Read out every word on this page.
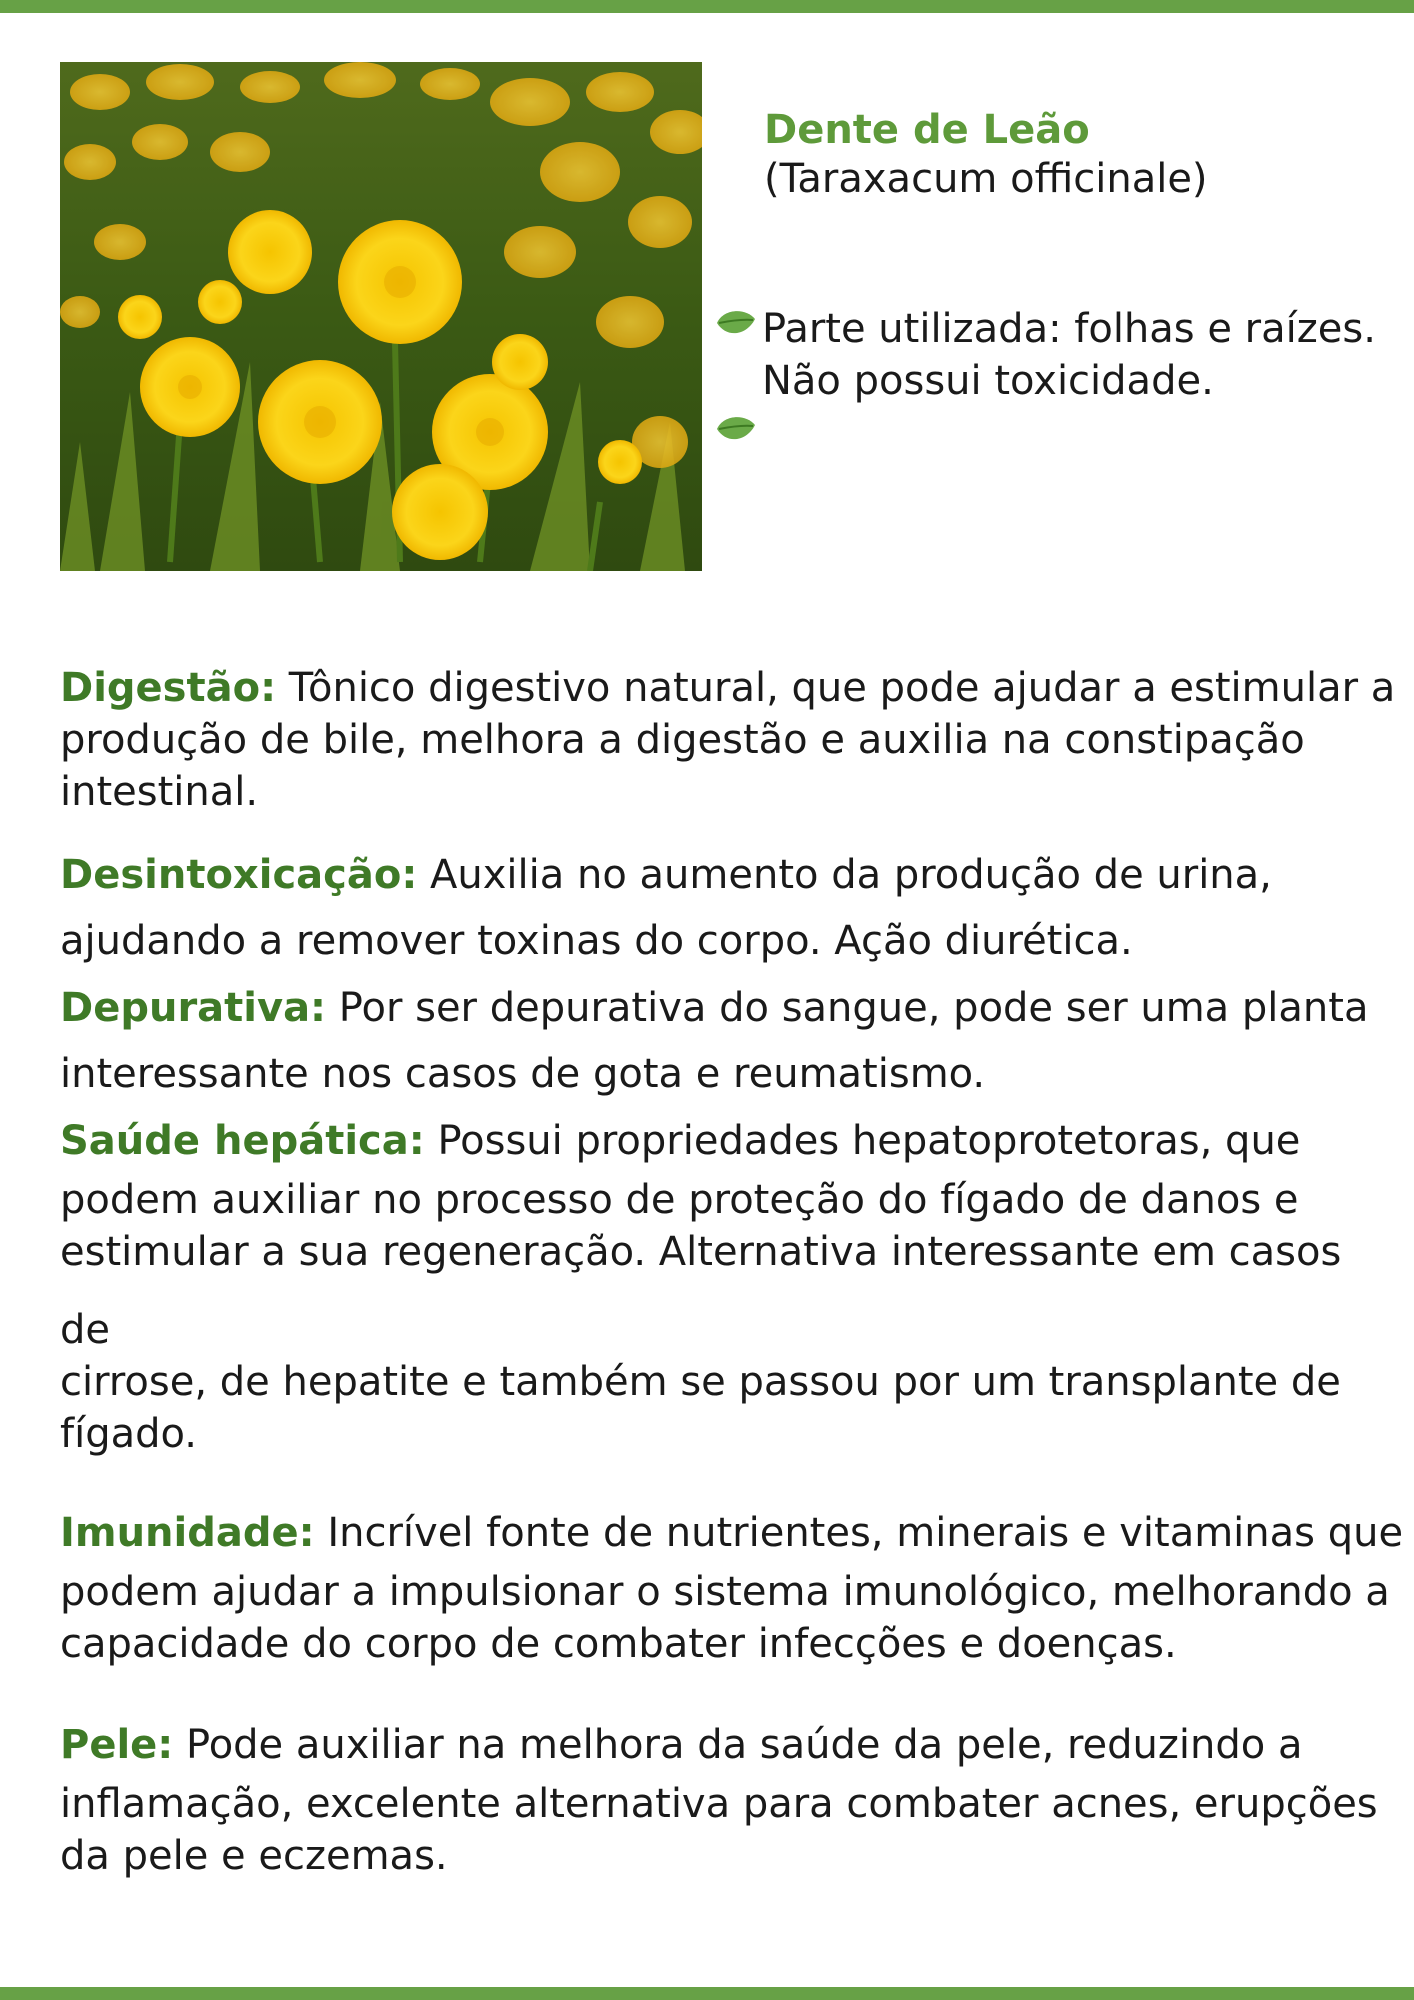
Dente de Leão

(Taraxacum officinale)

Parte utilizada: folhas e raízes.
Não possui toxicidade.

Digestão: Tônico digestivo natural, que pode ajudar a estimular a
produção de bile, melhora a digestão e auxilia na constipação
intestinal.

Desintoxicação: Auxilia no aumento da produção de urina,
ajudando a remover toxinas do corpo. Ação diurética.

Depurativa: Por ser depurativa do sangue, pode ser uma planta
interessante nos casos de gota e reumatismo.

Saúde hepática: Possui propriedades hepatoprotetoras, que
podem auxiliar no processo de proteção do fígado de danos e
estimular a sua regeneração. Alternativa interessante em casos
de
cirrose, de hepatite e também se passou por um transplante de
fígado.
Imunidade: Incrível fonte de nutrientes, minerais e vitaminas que
podem ajudar a impulsionar o sistema imunológico, melhorando a
capacidade do corpo de combater infecções e doenças.
Pele: Pode auxiliar na melhora da saúde da pele, reduzindo a
inflamação, excelente alternativa para combater acnes, erupções
da pele e eczemas.
